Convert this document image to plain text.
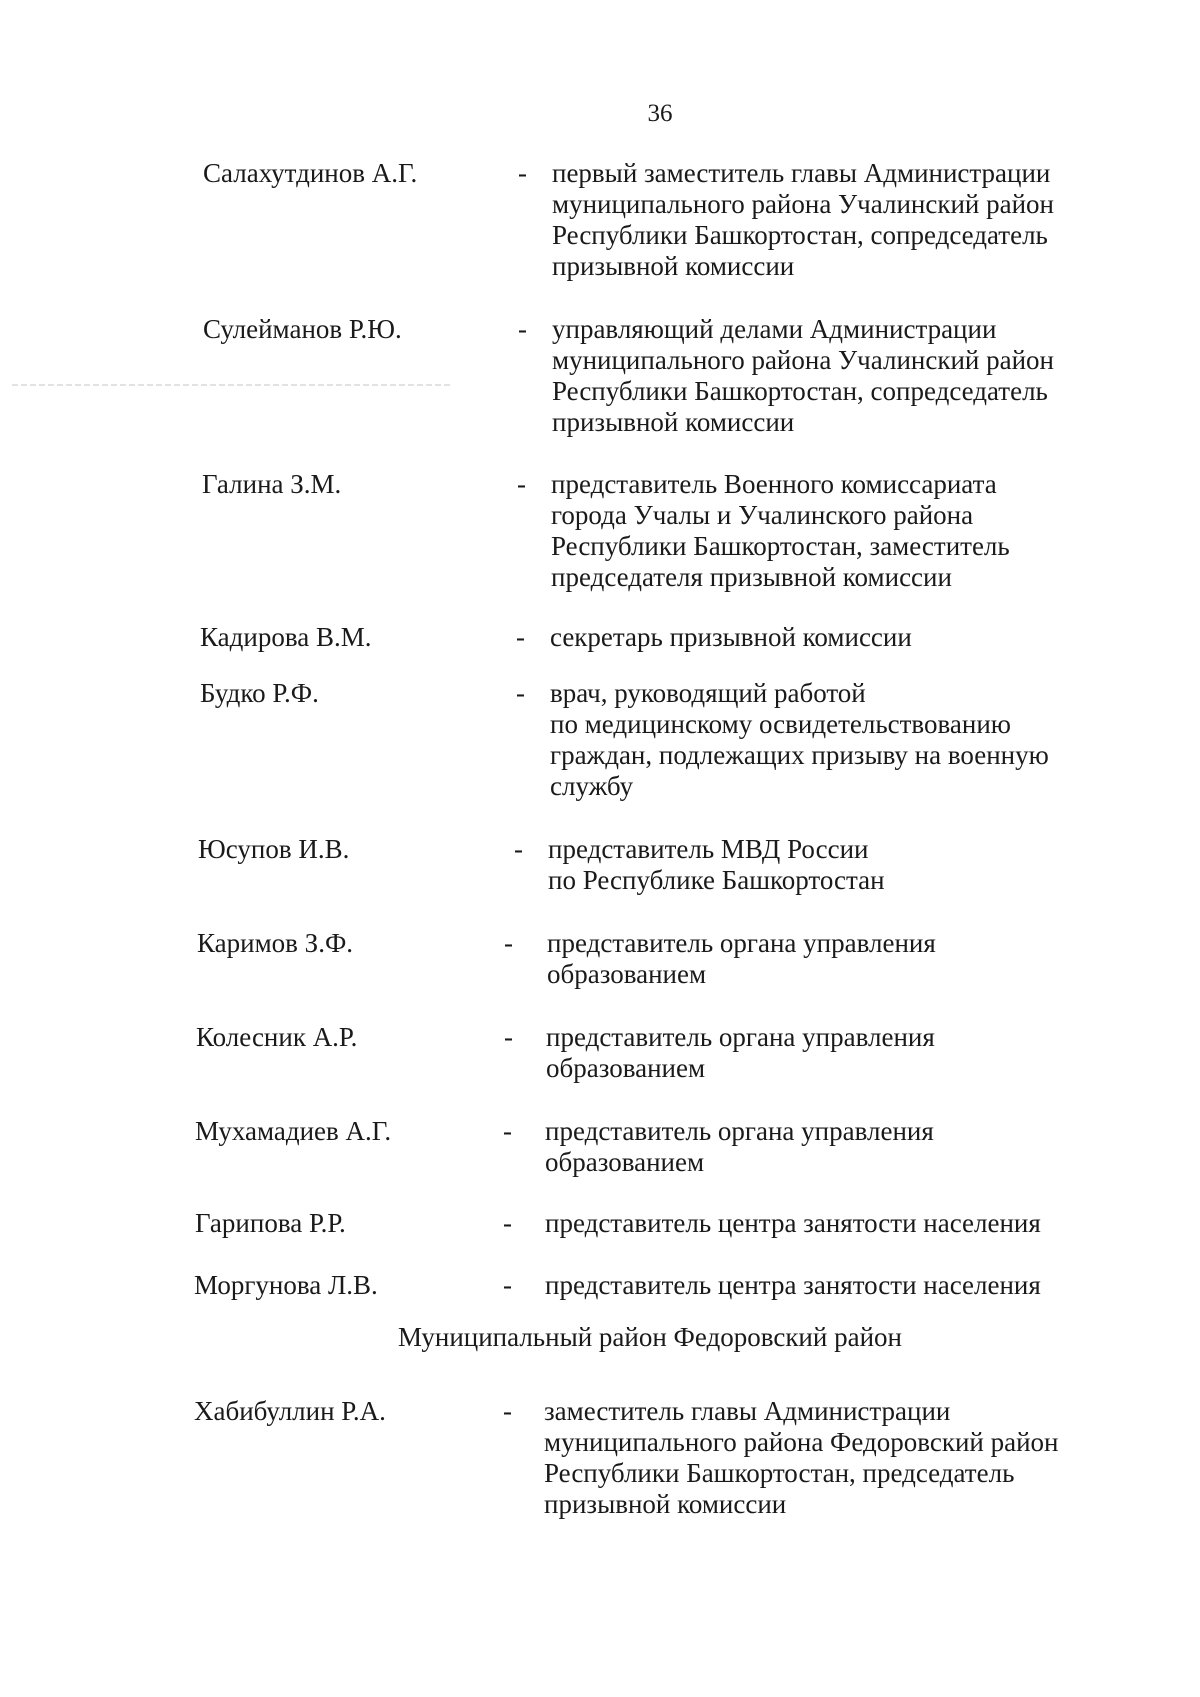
36
Салахутдинов А.Г.	- первый заместитель главы Администрации
муниципального района Учалинский район
Республики Башкортостан, сопредседатель
призывной комиссии
Сулейманов Р.Ю.	- управляющий делами Администрации
муниципального района Учалинский район
Республики Башкортостан, сопредседатель
призывной комиссии
Галина З.М.	- представитель Военного комиссариата
города Учалы и Учалинского района
Республики Башкортостан, заместитель
председателя призывной комиссии
Кадирова В.М.	- секретарь призывной комиссии
Будко Р.Ф.	- врач, руководящий работой
по медицинскому освидетельствованию
граждан, подлежащих призыву на военную
службу
Юсупов И.В.	- представитель МВД России
по Республике Башкортостан
Каримов З.Ф.	- представитель органа управления
образованием
Колесник А.Р.	- представитель органа управления
образованием
Мухамадиев А.Г.	- представитель органа управления
образованием
Гарипова Р.Р.	- представитель центра занятости населения
Моргунова Л.В.	- представитель центра занятости населения
Муниципальный район Федоровский район
Хабибуллин Р.А.	- заместитель главы Администрации
муниципального района Федоровский район
Республики Башкортостан, председатель
призывной комиссии
